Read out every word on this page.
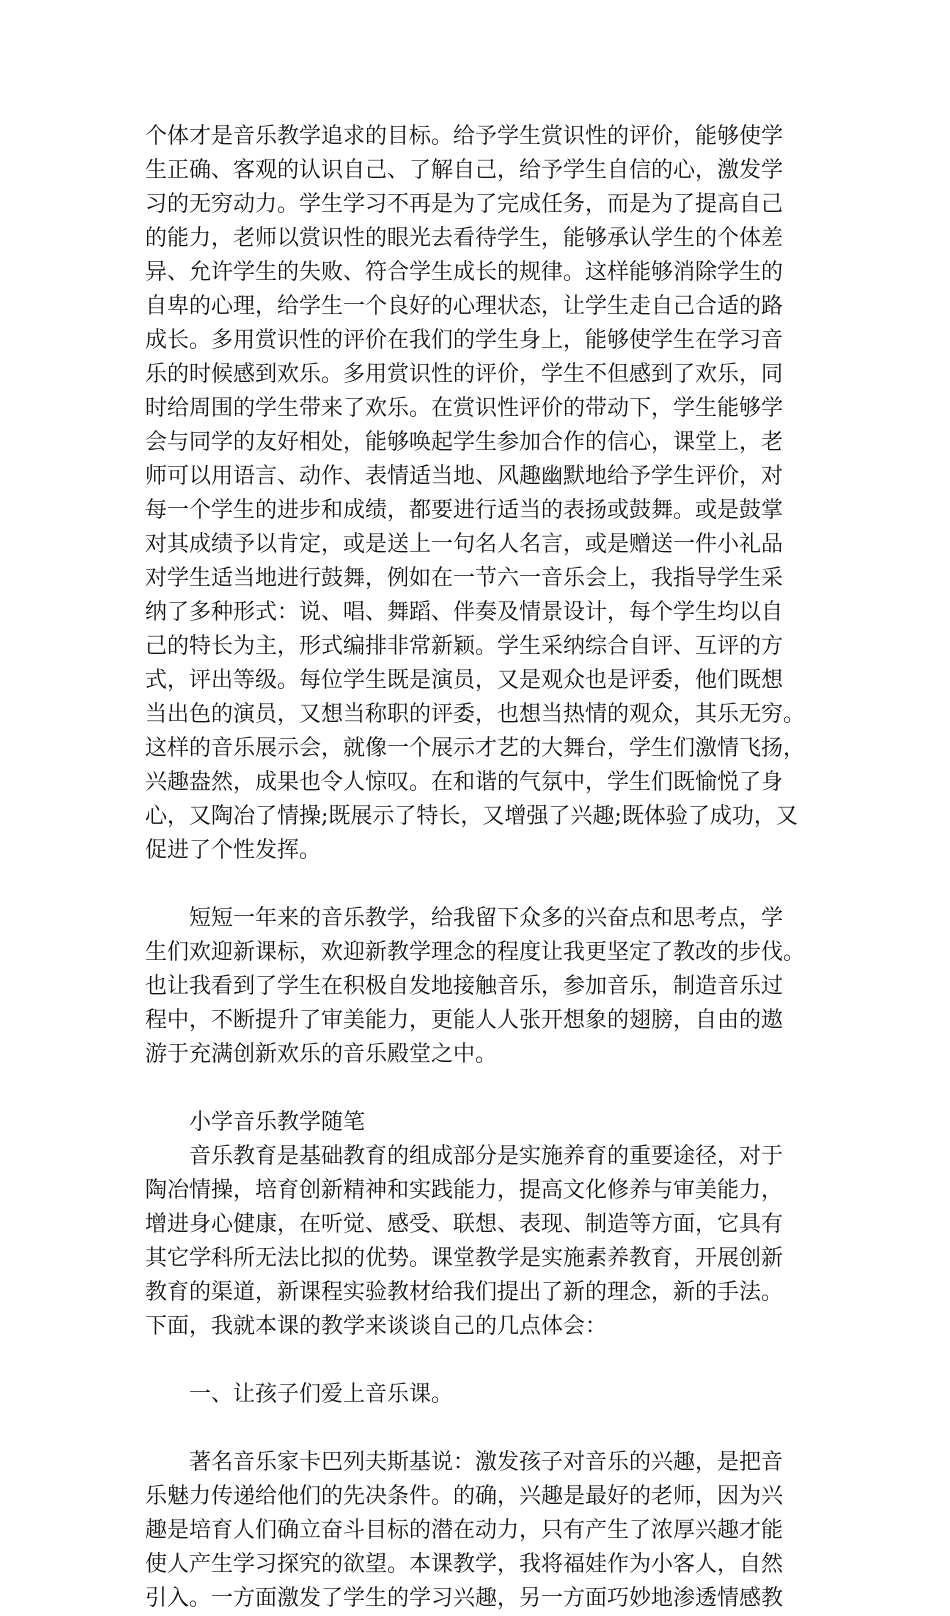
个体才是音乐教学追求的目标。给予学生赏识性的评价，能够使学
生正确、客观的认识自己、了解自己，给予学生自信的心，激发学
习的无穷动力。学生学习不再是为了完成任务，而是为了提高自己
的能力，老师以赏识性的眼光去看待学生，能够承认学生的个体差
异、允许学生的失败、符合学生成长的规律。这样能够消除学生的
自卑的心理，给学生一个良好的心理状态，让学生走自己合适的路
成长。多用赏识性的评价在我们的学生身上，能够使学生在学习音
乐的时候感到欢乐。多用赏识性的评价，学生不但感到了欢乐，同
时给周围的学生带来了欢乐。在赏识性评价的带动下，学生能够学
会与同学的友好相处，能够唤起学生参加合作的信心，课堂上，老
师可以用语言、动作、表情适当地、风趣幽默地给予学生评价，对
每一个学生的进步和成绩，都要进行适当的表扬或鼓舞。或是鼓掌
对其成绩予以肯定，或是送上一句名人名言，或是赠送一件小礼品
对学生适当地进行鼓舞，例如在一节六一音乐会上，我指导学生采
纳了多种形式：说、唱、舞蹈、伴奏及情景设计，每个学生均以自
己的特长为主，形式编排非常新颖。学生采纳综合自评、互评的方
式，评出等级。每位学生既是演员，又是观众也是评委，他们既想
当出色的演员，又想当称职的评委，也想当热情的观众，其乐无穷。
这样的音乐展示会，就像一个展示才艺的大舞台，学生们激情飞扬，
兴趣盎然，成果也令人惊叹。在和谐的气氛中，学生们既愉悦了身
心，又陶冶了情操;既展示了特长，又增强了兴趣;既体验了成功，又
促进了个性发挥。
　　短短一年来的音乐教学，给我留下众多的兴奋点和思考点，学
生们欢迎新课标，欢迎新教学理念的程度让我更坚定了教改的步伐。
也让我看到了学生在积极自发地接触音乐，参加音乐，制造音乐过
程中，不断提升了审美能力，更能人人张开想象的翅膀，自由的遨
游于充满创新欢乐的音乐殿堂之中。
　　小学音乐教学随笔
　　音乐教育是基础教育的组成部分是实施养育的重要途径，对于
陶冶情操，培育创新精神和实践能力，提高文化修养与审美能力，
增进身心健康，在听觉、感受、联想、表现、制造等方面，它具有
其它学科所无法比拟的优势。课堂教学是实施素养教育，开展创新
教育的渠道，新课程实验教材给我们提出了新的理念，新的手法。
下面，我就本课的教学来谈谈自己的几点体会：
　　一、让孩子们爱上音乐课。
　　著名音乐家卡巴列夫斯基说：激发孩子对音乐的兴趣，是把音
乐魅力传递给他们的先决条件。的确，兴趣是最好的老师，因为兴
趣是培育人们确立奋斗目标的潜在动力，只有产生了浓厚兴趣才能
使人产生学习探究的欲望。本课教学，我将福娃作为小客人，自然
引入。一方面激发了学生的学习兴趣，另一方面巧妙地渗透情感教
